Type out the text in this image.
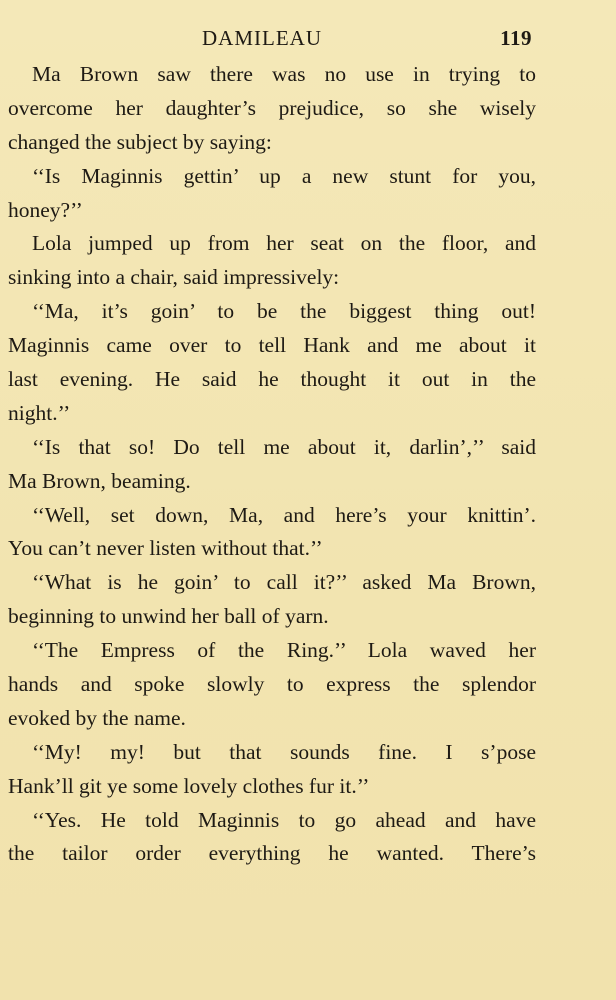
DAMILEAU	119
Ma Brown saw there was no use in trying to
overcome her daughter’s prejudice, so she wisely
changed the subject by saying:
‘‘Is Maginnis gettin’ up a new stunt for you,
honey?’’
Lola jumped up from her seat on the floor, and
sinking into a chair, said impressively:
‘‘Ma, it’s goin’ to be the biggest thing out!
Maginnis came over to tell Hank and me about it
last evening. He said he thought it out in the
night.’’
‘‘Is that so! Do tell me about it, darlin’,’’ said
Ma Brown, beaming.
‘‘Well, set down, Ma, and here’s your knittin’.
You can’t never listen without that.’’
‘‘What is he goin’ to call it?’’ asked Ma Brown,
beginning to unwind her ball of yarn.
‘‘The Empress of the Ring.’’ Lola waved her
hands and spoke slowly to express the splendor
evoked by the name.
‘‘My! my! but that sounds fine. I s’pose
Hank’ll git ye some lovely clothes fur it.’’
‘‘Yes. He told Maginnis to go ahead and have
the tailor order everything he wanted. There’s
